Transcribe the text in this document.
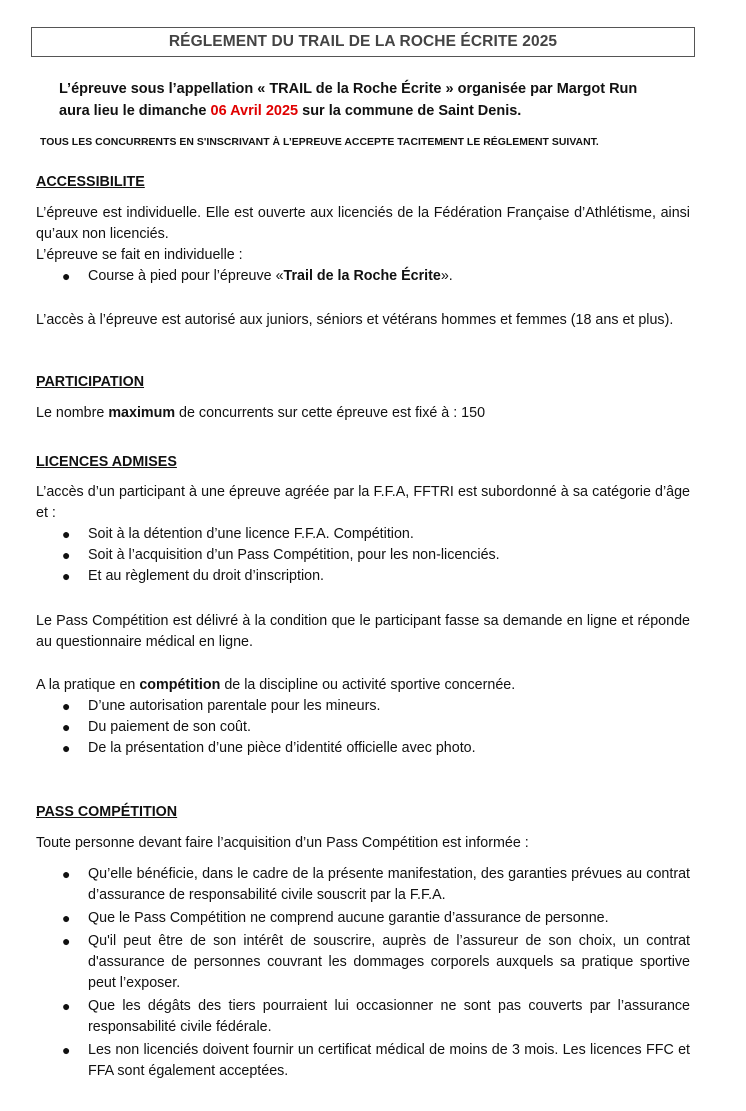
RÉGLEMENT DU TRAIL DE LA ROCHE ÉCRITE 2025
L’épreuve sous l’appellation « TRAIL de la Roche Écrite » organisée par Margot Run
aura lieu le dimanche 06 Avril 2025 sur la commune de Saint Denis.
TOUS LES CONCURRENTS EN S'INSCRIVANT À L’EPREUVE ACCEPTE TACITEMENT LE RÉGLEMENT SUIVANT.
ACCESSIBILITE
L’épreuve est individuelle. Elle est ouverte aux licenciés de la Fédération Française d’Athlétisme, ainsi qu’aux non licenciés.
L’épreuve se fait en individuelle :
● Course à pied pour l’épreuve «Trail de la Roche Écrite».
L’accès à l’épreuve est autorisé aux juniors, séniors et vétérans hommes et femmes (18 ans et plus).
PARTICIPATION
Le nombre maximum de concurrents sur cette épreuve est fixé à : 150
LICENCES ADMISES
L’accès d’un participant à une épreuve agréée par la F.F.A, FFTRI est subordonné à sa catégorie d’âge et :
● Soit à la détention d’une licence F.F.A. Compétition.
● Soit à l’acquisition d’un Pass Compétition, pour les non-licenciés.
● Et au règlement du droit d’inscription.
Le Pass Compétition est délivré à la condition que le participant fasse sa demande en ligne et réponde au questionnaire médical en ligne.
A la pratique en compétition de la discipline ou activité sportive concernée.
● D’une autorisation parentale pour les mineurs.
● Du paiement de son coût.
● De la présentation d’une pièce d’identité officielle avec photo.
PASS COMPÉTITION
Toute personne devant faire l’acquisition d’un Pass Compétition est informée :
● Qu’elle bénéficie, dans le cadre de la présente manifestation, des garanties prévues au contrat d’assurance de responsabilité civile souscrit par la F.F.A.
● Que le Pass Compétition ne comprend aucune garantie d’assurance de personne.
● Qu'il peut être de son intérêt de souscrire, auprès de l’assureur de son choix, un contrat d'assurance de personnes couvrant les dommages corporels auxquels sa pratique sportive peut l’exposer.
● Que les dégâts des tiers pourraient lui occasionner ne sont pas couverts par l’assurance responsabilité civile fédérale.
● Les non licenciés doivent fournir un certificat médical de moins de 3 mois. Les licences FFC et FFA sont également acceptées.
